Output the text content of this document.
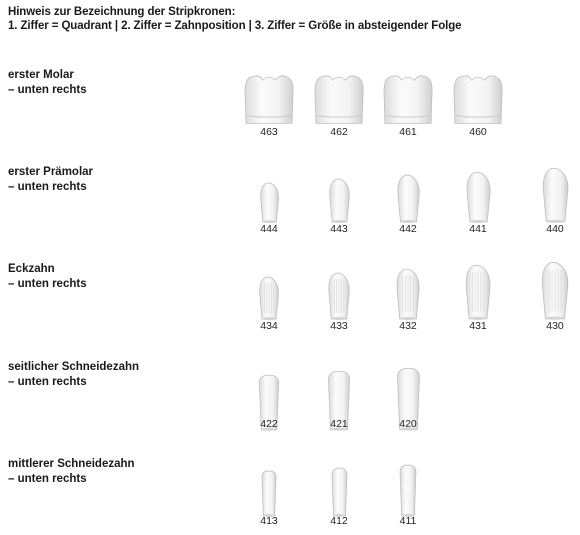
Hinweis zur Bezeichnung der Stripkronen:
1. Ziffer = Quadrant | 2. Ziffer = Zahnposition | 3. Ziffer = Größe in absteigender Folge
erster Molar
– unten rechts
463	462	461	460
erster Prämolar
– unten rechts
444	443	442	441	440
Eckzahn
– unten rechts
434	433	432	431	430
seitlicher Schneidezahn
– unten rechts
422	421	420
mittlerer Schneidezahn
– unten rechts
413	412	411
